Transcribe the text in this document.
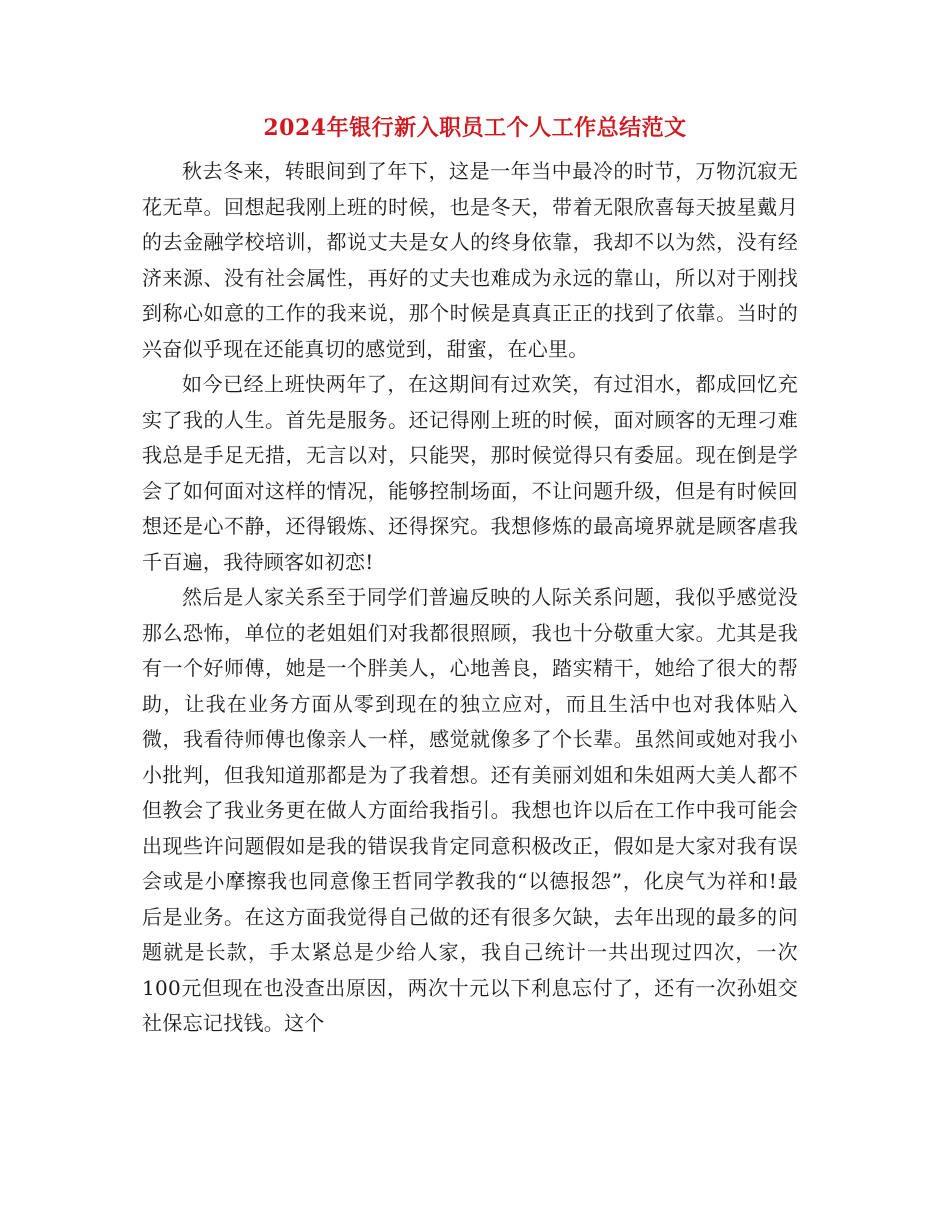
2024年银行新入职员工个人工作总结范文

秋去冬来，转眼间到了年下，这是一年当中最冷的时节，万物沉寂无花无草。回想起我刚上班的时候，也是冬天，带着无限欣喜每天披星戴月的去金融学校培训，都说丈夫是女人的终身依靠，我却不以为然，没有经济来源、没有社会属性，再好的丈夫也难成为永远的靠山，所以对于刚找到称心如意的工作的我来说，那个时候是真真正正的找到了依靠。当时的兴奋似乎现在还能真切的感觉到，甜蜜，在心里。

如今已经上班快两年了，在这期间有过欢笑，有过泪水，都成回忆充实了我的人生。首先是服务。还记得刚上班的时候，面对顾客的无理刁难我总是手足无措，无言以对，只能哭，那时候觉得只有委屈。现在倒是学会了如何面对这样的情况，能够控制场面，不让问题升级，但是有时候回想还是心不静，还得锻炼、还得探究。我想修炼的最高境界就是顾客虐我千百遍，我待顾客如初恋!

然后是人家关系至于同学们普遍反映的人际关系问题，我似乎感觉没那么恐怖，单位的老姐姐们对我都很照顾，我也十分敬重大家。尤其是我有一个好师傅，她是一个胖美人，心地善良，踏实精干，她给了很大的帮助，让我在业务方面从零到现在的独立应对，而且生活中也对我体贴入微，我看待师傅也像亲人一样，感觉就像多了个长辈。虽然间或她对我小小批判，但我知道那都是为了我着想。还有美丽刘姐和朱姐两大美人都不但教会了我业务更在做人方面给我指引。我想也许以后在工作中我可能会出现些许问题假如是我的错误我肯定同意积极改正，假如是大家对我有误会或是小摩擦我也同意像王哲同学教我的“以德报怨”，化戾气为祥和!最后是业务。在这方面我觉得自己做的还有很多欠缺，去年出现的最多的问题就是长款，手太紧总是少给人家，我自己统计一共出现过四次，一次100元但现在也没查出原因，两次十元以下利息忘付了，还有一次孙姐交社保忘记找钱。这个
